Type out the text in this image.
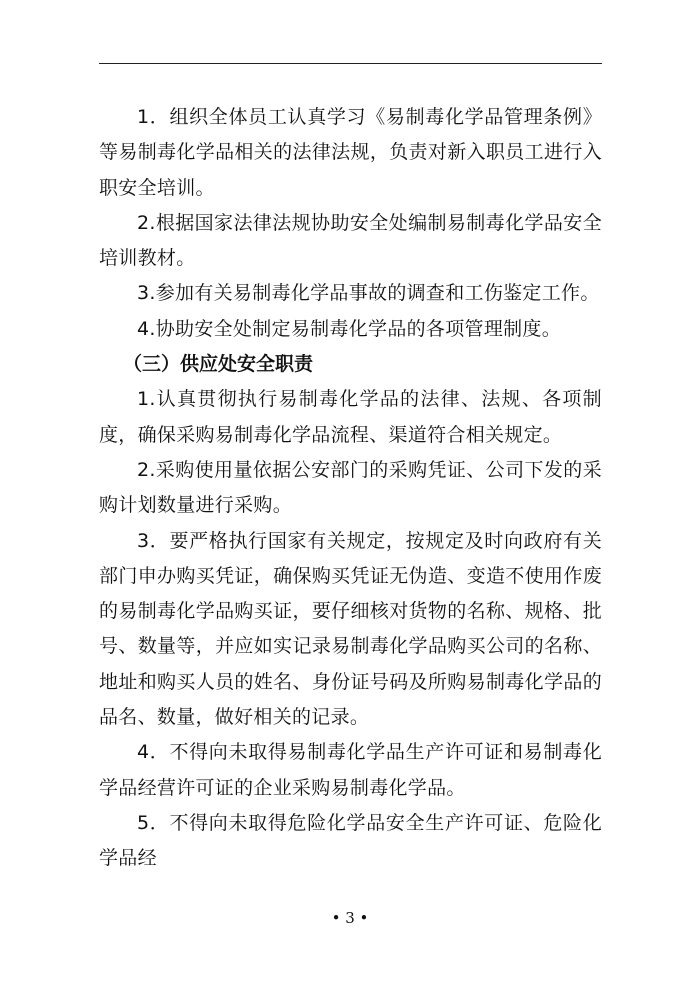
1．组织全体员工认真学习《易制毒化学品管理条例》等易制毒化学品相关的法律法规，负责对新入职员工进行入职安全培训。

2.根据国家法律法规协助安全处编制易制毒化学品安全培训教材。

3.参加有关易制毒化学品事故的调查和工伤鉴定工作。

4.协助安全处制定易制毒化学品的各项管理制度。

（三）供应处安全职责

1.认真贯彻执行易制毒化学品的法律、法规、各项制度，确保采购易制毒化学品流程、渠道符合相关规定。

2.采购使用量依据公安部门的采购凭证、公司下发的采购计划数量进行采购。

3．要严格执行国家有关规定，按规定及时向政府有关部门申办购买凭证，确保购买凭证无伪造、变造不使用作废的易制毒化学品购买证，要仔细核对货物的名称、规格、批号、数量等，并应如实记录易制毒化学品购买公司的名称、地址和购买人员的姓名、身份证号码及所购易制毒化学品的品名、数量，做好相关的记录。

4．不得向未取得易制毒化学品生产许可证和易制毒化学品经营许可证的企业采购易制毒化学品。

5．不得向未取得危险化学品安全生产许可证、危险化学品经

• 3 •
